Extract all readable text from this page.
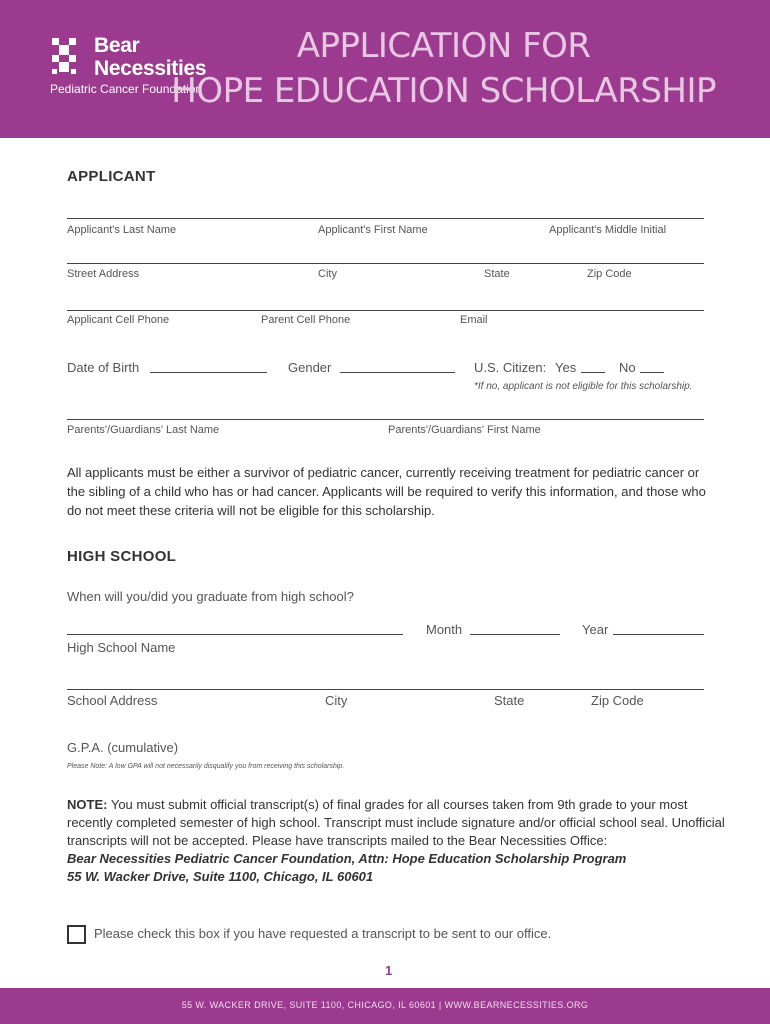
Bear
Necessities
Pediatric Cancer Foundation
APPLICATION FOR
HOPE EDUCATION SCHOLARSHIP
APPLICANT
Applicant's Last Name	Applicant's First Name	Applicant's Middle Initial
Street Address	City	State	Zip Code
Applicant Cell Phone	Parent Cell Phone	Email
Date of Birth	Gender	U.S. Citizen: Yes	No
*If no, applicant is not eligible for this scholarship.
Parents'/Guardians' Last Name	Parents'/Guardians' First Name
All applicants must be either a survivor of pediatric cancer, currently receiving treatment for pediatric cancer or the sibling of a child who has or had cancer. Applicants will be required to verify this information, and those who do not meet these criteria will not be eligible for this scholarship.
HIGH SCHOOL
When will you/did you graduate from high school?
Month	Year
High School Name
School Address	City	State	Zip Code
G.P.A. (cumulative)
Please Note: A low GPA will not necessarily disqualify you from receiving this scholarship.
NOTE: You must submit official transcript(s) of final grades for all courses taken from 9th grade to your most recently completed semester of high school. Transcript must include signature and/or official school seal. Unofficial transcripts will not be accepted. Please have transcripts mailed to the Bear Necessities Office:
Bear Necessities Pediatric Cancer Foundation, Attn: Hope Education Scholarship Program
55 W. Wacker Drive, Suite 1100, Chicago, IL 60601
Please check this box if you have requested a transcript to be sent to our office.
1
55 W. WACKER DRIVE, SUITE 1100, CHICAGO, IL 60601 | WWW.BEARNECESSITIES.ORG
